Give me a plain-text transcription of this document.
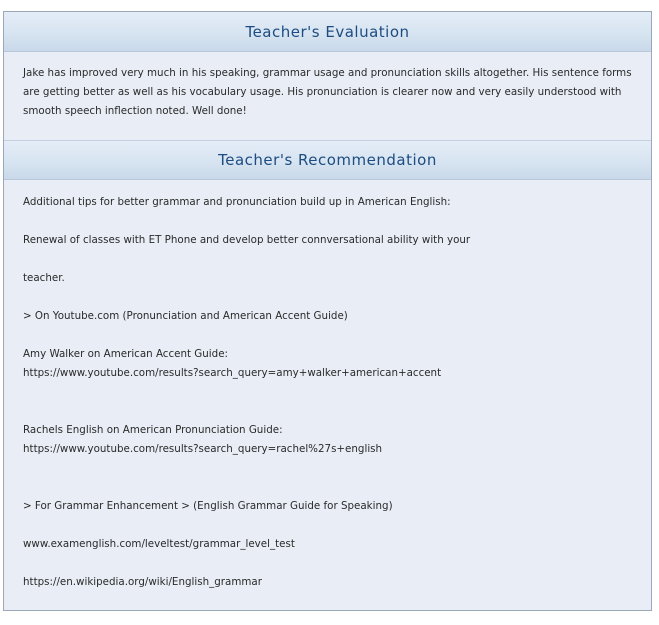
Teacher's Evaluation
Jake has improved very much in his speaking, grammar usage and pronunciation skills altogether. His sentence forms are getting better as well as his vocabulary usage. His pronunciation is clearer now and very easily understood with smooth speech inflection noted. Well done!
Teacher's Recommendation
Additional tips for better grammar and pronunciation build up in American English:
Renewal of classes with ET Phone and develop better connversational ability with your
teacher.
> On Youtube.com (Pronunciation and American Accent Guide)
Amy Walker on American Accent Guide:
https://www.youtube.com/results?search_query=amy+walker+american+accent
Rachels English on American Pronunciation Guide:
https://www.youtube.com/results?search_query=rachel%27s+english
> For Grammar Enhancement > (English Grammar Guide for Speaking)
www.examenglish.com/leveltest/grammar_level_test
https://en.wikipedia.org/wiki/English_grammar
